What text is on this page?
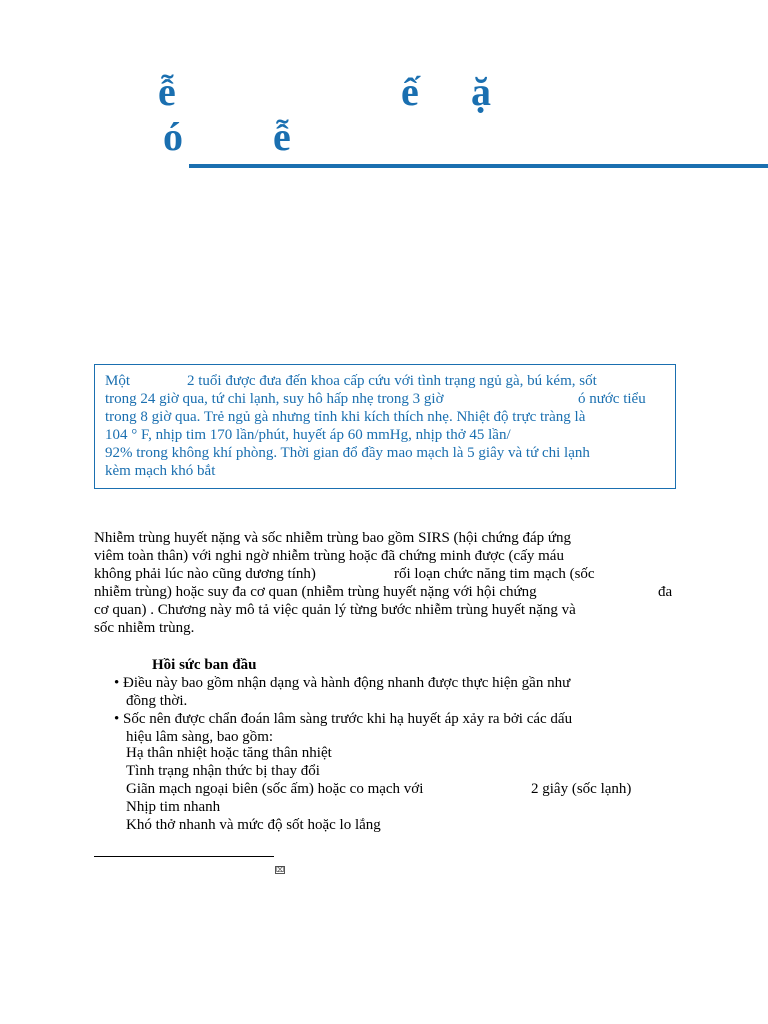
ễ	ế ặ
ó ễ
Một	2 tuổi được đưa đến khoa cấp cứu với tình trạng ngủ gà, bú kém, sốt
trong 24 giờ qua, tứ chi lạnh, suy hô hấp nhẹ trong 3 giờ	ó nước tiểu
trong 8 giờ qua. Trẻ ngủ gà nhưng tỉnh khi kích thích nhẹ. Nhiệt độ trực tràng là
104 ° F, nhịp tim 170 lần/phút, huyết áp 60 mmHg, nhịp thở 45 lần/
92% trong không khí phòng. Thời gian đổ đầy mao mạch là 5 giây và tứ chi lạnh
kèm mạch khó bắt
Nhiễm trùng huyết nặng và sốc nhiễm trùng bao gồm SIRS (hội chứng đáp ứng
viêm toàn thân) với nghi ngờ nhiễm trùng hoặc đã chứng minh được (cấy máu
không phải lúc nào cũng dương tính)	rối loạn chức năng tim mạch (sốc
nhiễm trùng) hoặc suy đa cơ quan (nhiễm trùng huyết nặng với hội chứng	đa
cơ quan) . Chương này mô tả việc quản lý từng bước nhiễm trùng huyết nặng và
sốc nhiễm trùng.
Hồi sức ban đầu
• Điều này bao gồm nhận dạng và hành động nhanh được thực hiện gần như
đồng thời.
• Sốc nên được chẩn đoán lâm sàng trước khi hạ huyết áp xảy ra bởi các dấu
hiệu lâm sàng, bao gồm:
Hạ thân nhiệt hoặc tăng thân nhiệt
Tình trạng nhận thức bị thay đổi
Giãn mạch ngoại biên (sốc ấm) hoặc co mạch với	2 giây (sốc lạnh)
Nhịp tim nhanh
Khó thở nhanh và mức độ sốt hoặc lo lắng
⌧
